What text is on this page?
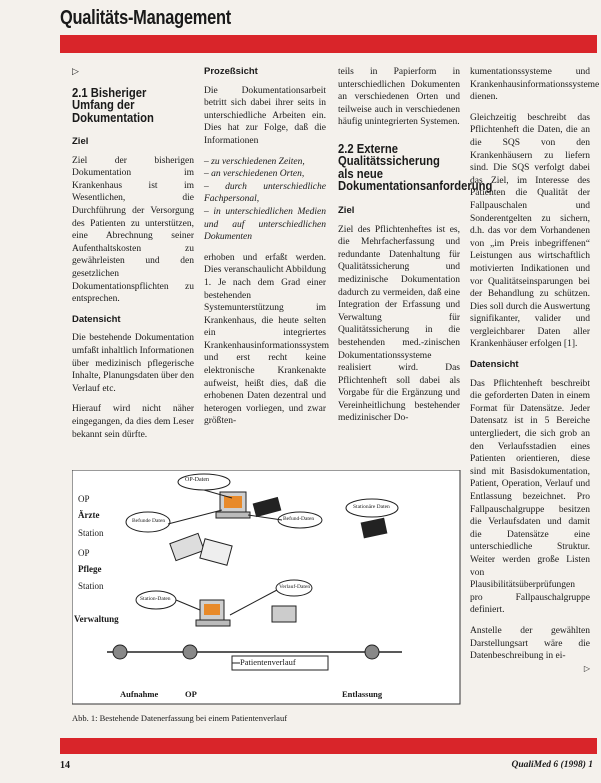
Qualitäts-Management
▷
2.1 Bisheriger Umfang der Dokumentation
Ziel

Ziel der bisherigen Dokumentation im Krankenhaus ist im Wesentlichen, die Durchführung der Versorgung des Patienten zu unterstützen, eine Abrechnung seiner Aufenthaltskosten zu gewährleisten und den gesetzlichen Dokumentationspflichten zu entsprechen.

Datensicht

Die bestehende Dokumentation umfaßt inhaltlich Informationen über medizinisch pflegerische Inhalte, Planungsdaten über den Verlauf etc.

Hierauf wird nicht näher eingegangen, da dies dem Leser bekannt sein dürfte.

Prozeßsicht

Die Dokumentationsarbeit betritt sich dabei ihrer seits in unterschiedliche Arbeiten ein. Dies hat zur Folge, daß die Informationen

– zu verschiedenen Zeiten,
– an verschiedenen Orten,
– durch unterschiedliche Fachpersonal,
– in unterschiedlichen Medien und auf unterschiedlichen Dokumenten

erhoben und erfaßt werden. Dies veranschaulicht Abbildung 1. Je nach dem Grad einer bestehenden Systemunterstützung im Krankenhaus, die heute selten ein integriertes Krankenhausinformationssystem und erst recht keine elektronische Krankenakte aufweist, heißt dies, daß die erhobenen Daten dezentral und heterogen vorliegen, und zwar größten-

teils in Papierform in unterschiedlichen Dokumenten an verschiedenen Orten und teilweise auch in verschiedenen häufig unintegrierten Systemen.

2.2 Externe Qualitätssicherung als neue Dokumentationsanforderung
Ziel

Ziel des Pflichtenheftes ist es, die Mehrfacherfassung und redundante Datenhaltung für Qualitätssicherung und medizinische Dokumentation dadurch zu vermeiden, daß eine Integration der Erfassung und Verwaltung für Qualitätssicherung in die bestehenden med.-zinischen Dokumentationssysteme realisiert wird. Das Pflichtenheft soll dabei als Vorgabe für die Ergänzung und Vereinheitlichung bestehender medizinischer Do-

kumentationssysteme und Krankenhausinformationssysteme dienen.

Gleichzeitig beschreibt das Pflichtenheft die Daten, die an die SQS von den Krankenhäusern zu liefern sind. Die SQS verfolgt dabei das Ziel, im Interesse des Patienten die Qualität der Fallpauschalen und Sonderentgelten zu sichern, d.h. das vor dem Vorhandenen von „im Preis inbegriffenen“ Leistungen aus wirtschaftlich motivierten Indikationen und vor Qualitätseinsparungen bei der Behandlung zu schützen. Dies soll durch die Auswertung signifikanter, valider und vergleichbarer Daten aller Krankenhäuser erfolgen [1].

Datensicht

Das Pflichtenheft beschreibt die geforderten Daten in einem Format für Datensätze. Jeder Datensatz ist in 5 Bereiche untergliedert, die sich grob an den Verlaufsstadien eines Patienten orientieren, diese sind mit Basisdokumentation, Patient, Operation, Verlauf und Entlassung bezeichnet. Pro Fallpauschalgruppe besitzen die Verlaufsdaten und damit die Datensätze eine unterschiedliche Struktur. Weiter werden große Listen von Plausibilitätsüberprüfungen pro Fallpauschalgruppe definiert.

Anstelle der gewählten Darstellungsart wäre die Datenbeschreibung in ei-

▷
OP
Ärzte
Station
OP
Pflege
Station
Verwaltung
OP-Daten
Befund-Daten
Befunde Daten
Stationäre Daten
Station-Daten
Verlauf-Daten
Patientenverlauf
Aufnahme	OP	Entlassung
Abb. 1: Bestehende Datenerfassung bei einem Patientenverlauf
14	QualiMed 6 (1998) 1
